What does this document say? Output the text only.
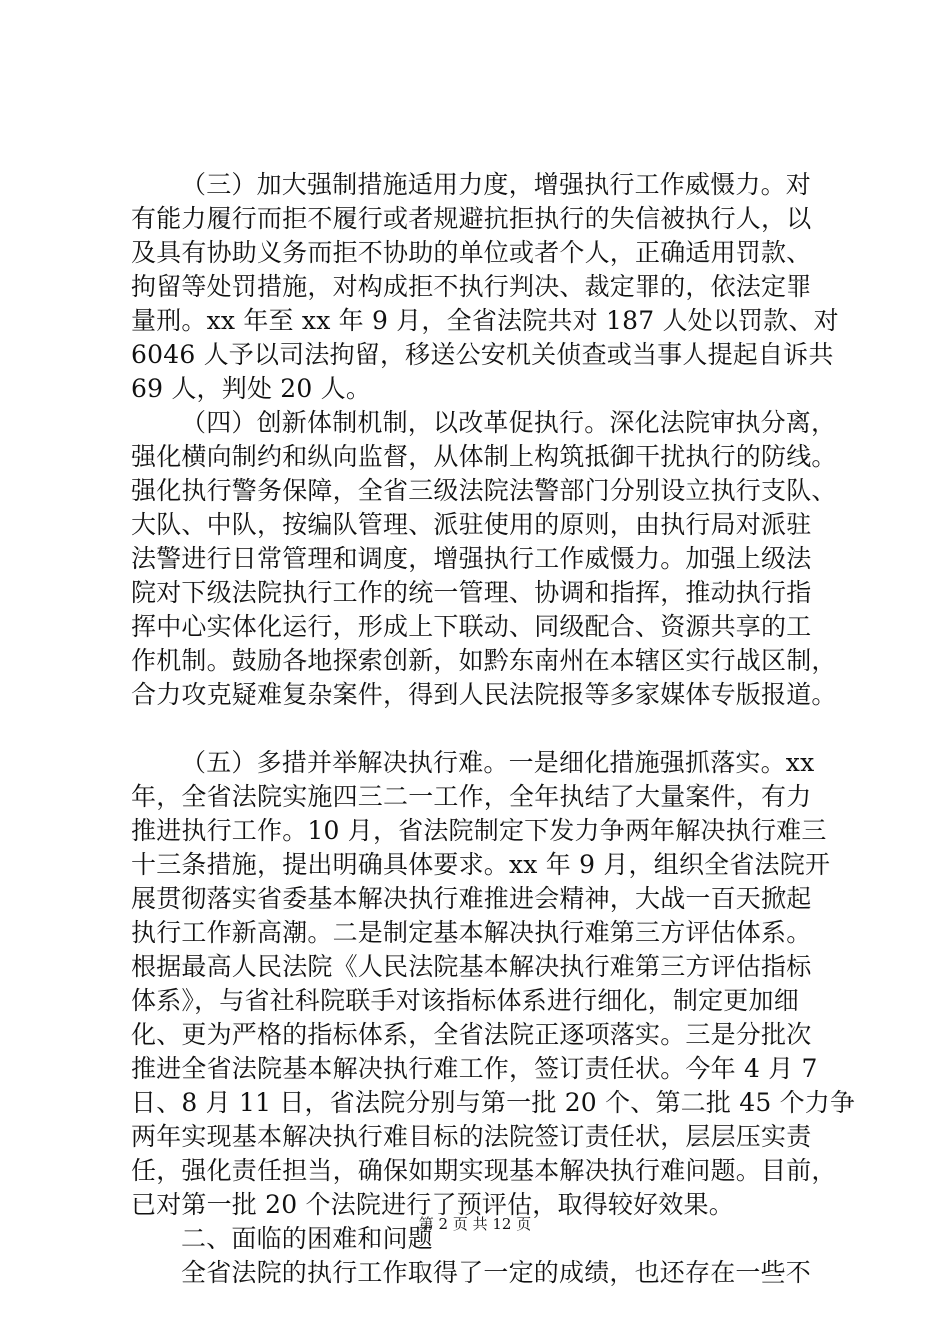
（三）加大强制措施适用力度，增强执行工作威慑力。对
有能力履行而拒不履行或者规避抗拒执行的失信被执行人，以
及具有协助义务而拒不协助的单位或者个人，正确适用罚款、
拘留等处罚措施，对构成拒不执行判决、裁定罪的，依法定罪
量刑。xx 年至 xx 年 9 月，全省法院共对 187 人处以罚款、对
6046 人予以司法拘留，移送公安机关侦查或当事人提起自诉共
69 人，判处 20 人。
（四）创新体制机制，以改革促执行。深化法院审执分离，
强化横向制约和纵向监督，从体制上构筑抵御干扰执行的防线。
强化执行警务保障，全省三级法院法警部门分别设立执行支队、
大队、中队，按编队管理、派驻使用的原则，由执行局对派驻
法警进行日常管理和调度，增强执行工作威慑力。加强上级法
院对下级法院执行工作的统一管理、协调和指挥，推动执行指
挥中心实体化运行，形成上下联动、同级配合、资源共享的工
作机制。鼓励各地探索创新，如黔东南州在本辖区实行战区制，
合力攻克疑难复杂案件，得到人民法院报等多家媒体专版报道。
（五）多措并举解决执行难。一是细化措施强抓落实。xx
年，全省法院实施四三二一工作，全年执结了大量案件，有力
推进执行工作。10 月，省法院制定下发力争两年解决执行难三
十三条措施，提出明确具体要求。xx 年 9 月，组织全省法院开
展贯彻落实省委基本解决执行难推进会精神，大战一百天掀起
执行工作新高潮。二是制定基本解决执行难第三方评估体系。
根据最高人民法院《人民法院基本解决执行难第三方评估指标
体系》，与省社科院联手对该指标体系进行细化，制定更加细
化、更为严格的指标体系，全省法院正逐项落实。三是分批次
推进全省法院基本解决执行难工作，签订责任状。今年 4 月 7
日、8 月 11 日，省法院分别与第一批 20 个、第二批 45 个力争
两年实现基本解决执行难目标的法院签订责任状，层层压实责
任，强化责任担当，确保如期实现基本解决执行难问题。目前，
已对第一批 20 个法院进行了预评估，取得较好效果。
二、面临的困难和问题
全省法院的执行工作取得了一定的成绩，也还存在一些不
第 2 页 共 12 页
